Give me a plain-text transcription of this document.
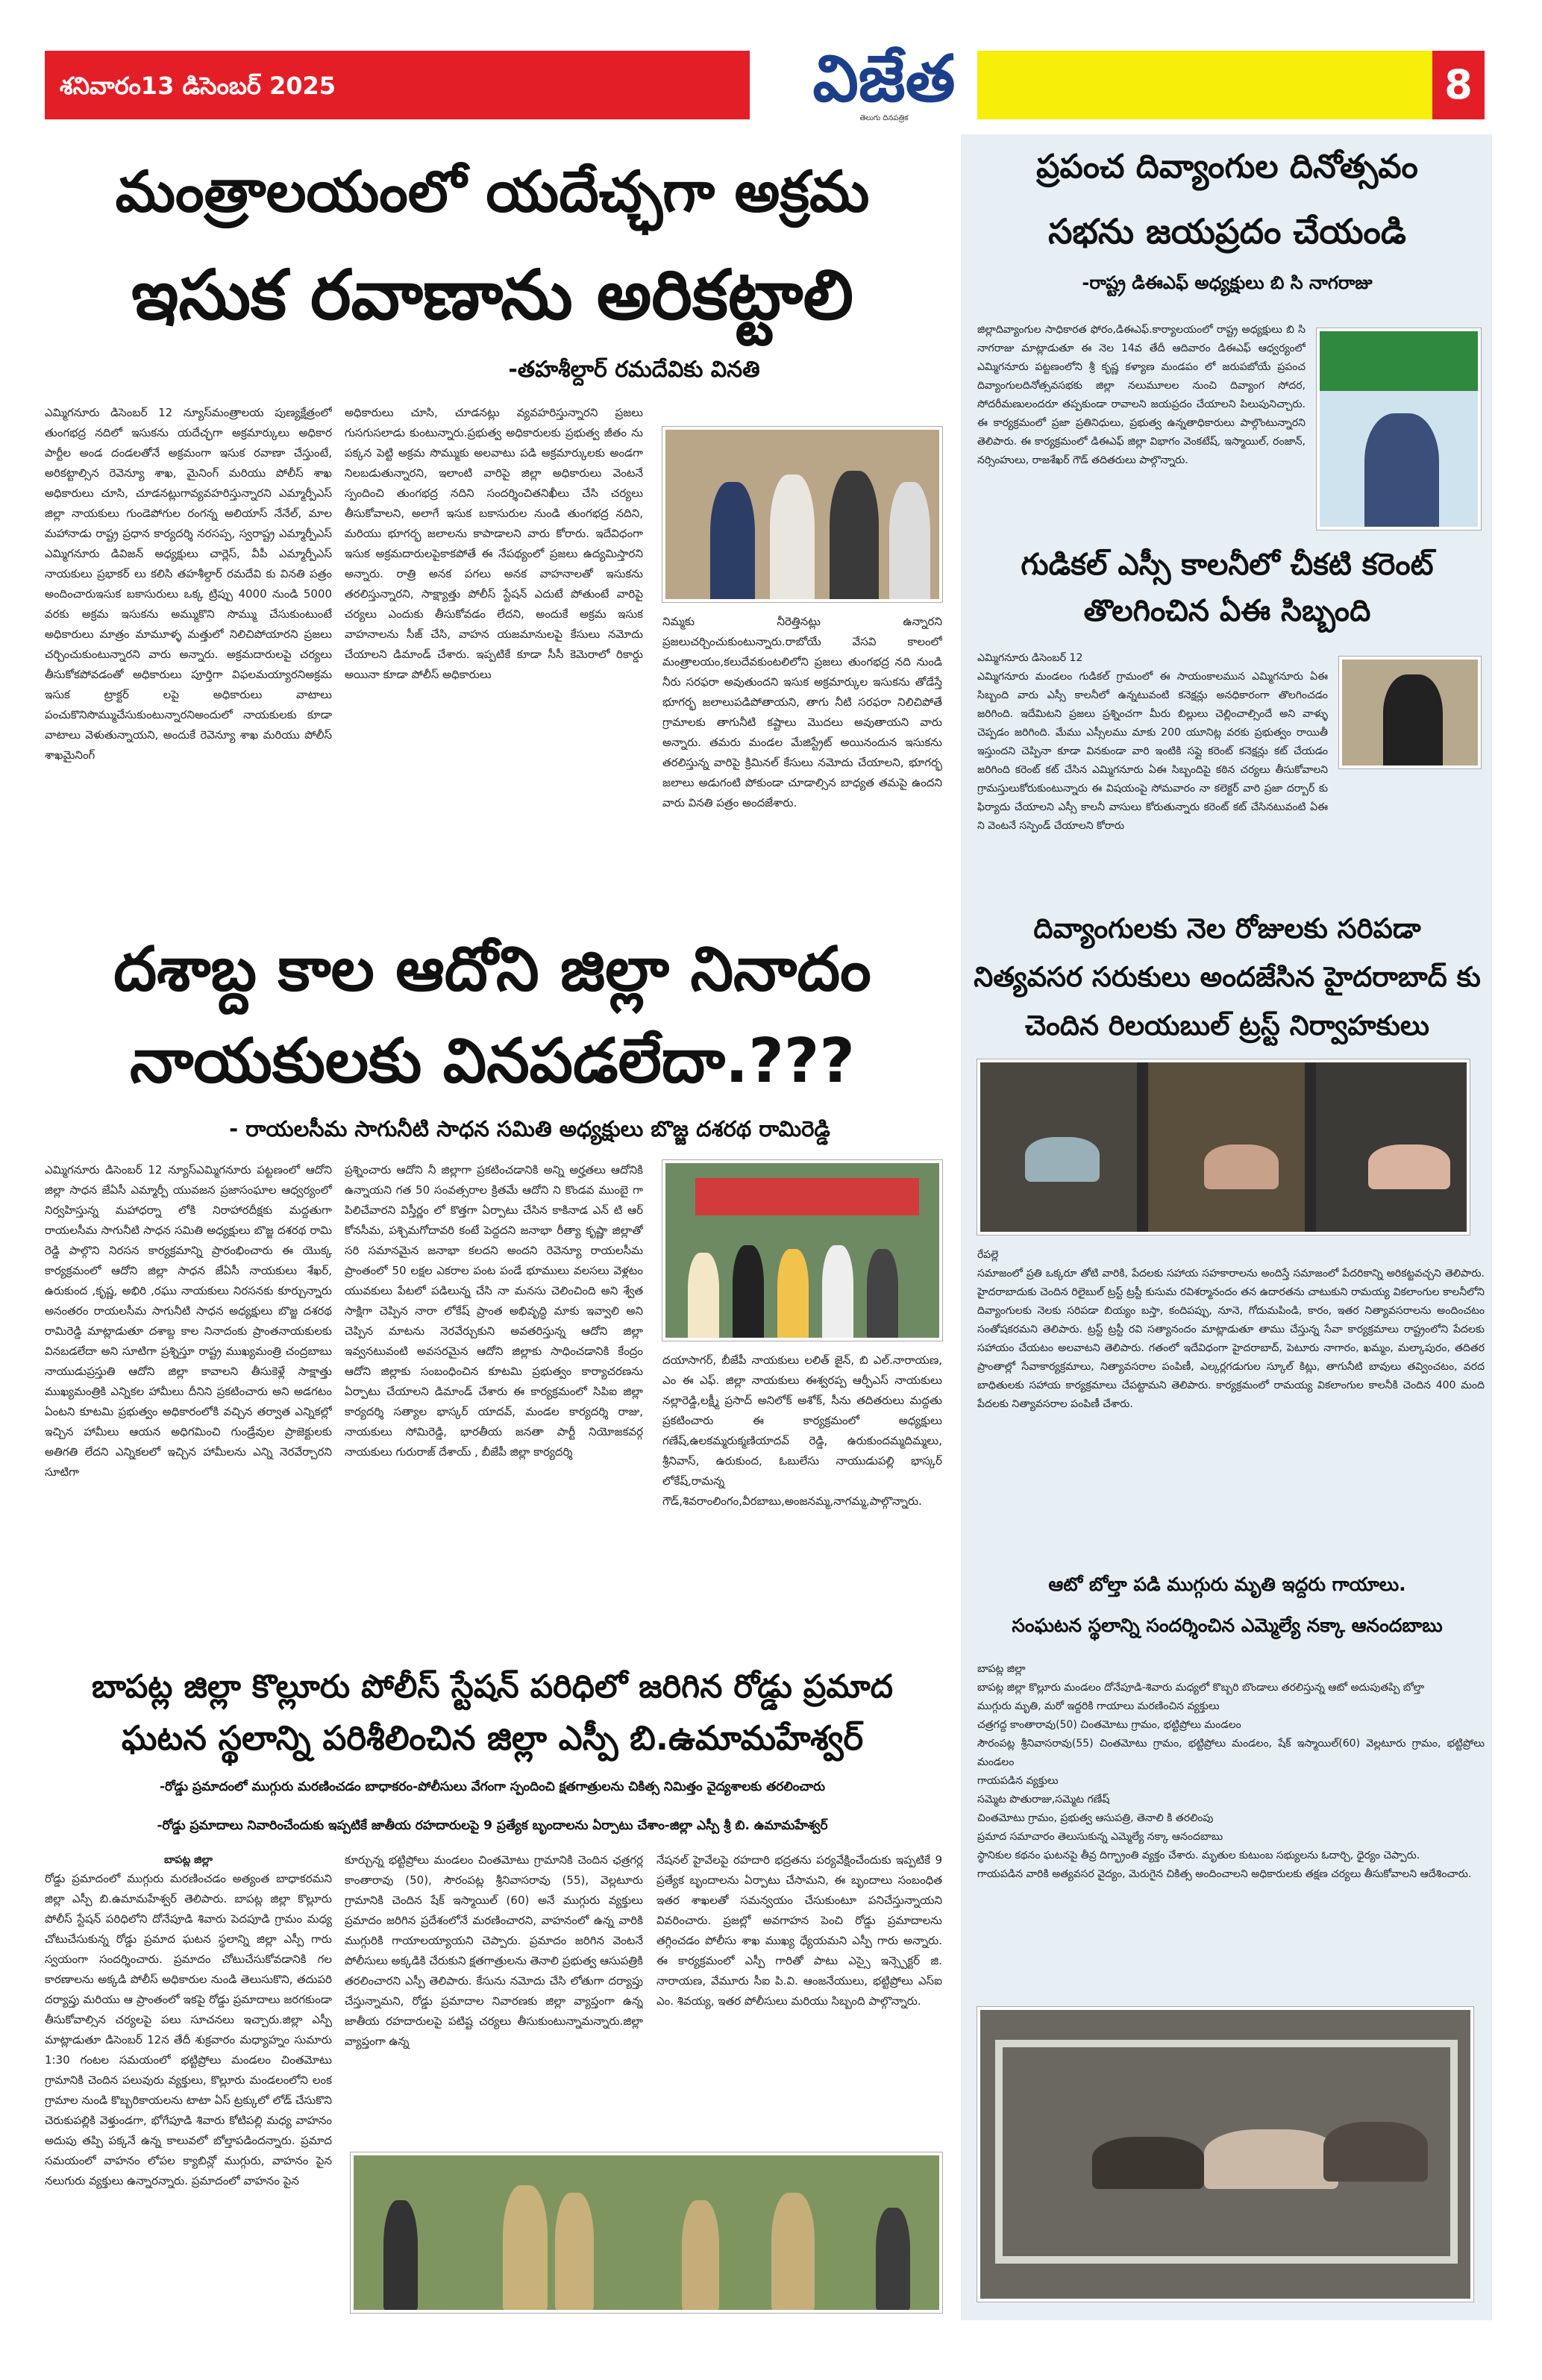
శనివారం13 డిసెంబర్ 2025	విజేత
తెలుగు దినపత్రిక
8
మంత్రాలయంలో యదేచ్ఛగా అక్రమ
ఇసుక రవాణాను అరికట్టాలి
-తహశీల్దార్ రమదేవికు వినతి
ఎమ్మిగనూరు డిసెంబర్ 12 న్యూస్‌మంత్రాలయ పుణ్యక్షేత్రంలో తుంగభద్ర నదిలో ఇసుకను యదేచ్ఛగా అక్రమార్కులు అధికార పార్టీల అండ దండలతోనే అక్రమంగా ఇసుక రవాణా చేస్తుంటే, అరికట్టాల్సిన రెవెన్యూ శాఖ, మైనింగ్ మరియు పోలీస్ శాఖ అధికారులు చూసి, చూడనట్లుగావ్యవహరిస్తున్నారని ఎమ్మార్పీఎస్ జిల్లా నాయకులు గుండెపోగుల రంగన్న అలియాస్ నేనేల్, మాల మహానాడు రాష్ట్ర ప్రధాన కార్యదర్శి నరసప్ప, స్వరాష్ట్ర ఎమ్మార్పీఎస్ ఎమ్మిగనూరు డివిజన్ అధ్యక్షులు చార్లెస్, వీపీ ఎమ్మార్పీఎస్ నాయకులు ప్రభాకర్ లు కలిసి తహశీల్దార్ రమదేవి కు వినతి పత్రం అందించారుఇసుక బకాసురులు ఒక్క ట్రిప్పు 4000 నుండి 5000 వరకు అక్రమ ఇసుకను అమ్ముకొని సొమ్ము చేసుకుంటుంటే అధికారులు మాత్రం మామూళ్ళ మత్తులో నిలిచిపోయారని ప్రజలు చర్చించుకుంటున్నారని వారు అన్నారు. అక్రమదారులపై చర్యలు తీసుకోకపోవడంతో అధికారులు పూర్తిగా విఫలమయ్యారనిఅక్రమ ఇసుక ట్రాక్టర్ లపై అధికారులు వాటాలు పంచుకొనిసొమ్ముచేసుకుంటున్నారనిఅందులో నాయకులకు కూడా వాటాలు వెళుతున్నాయని, అందుకే రెవెన్యూ శాఖ మరియు పోలీస్ శాఖమైనింగ్
అధికారులు చూసి, చూడనట్లు వ్యవహరిస్తున్నారని ప్రజలు గుసగుసలాడు కుంటున్నారు.ప్రభుత్వ అధికారులకు ప్రభుత్వ జీతం ను పక్కన పెట్టి అక్రమ సొమ్ముకు అలవాటు పడి అక్రమార్కులకు అండగా నిలబడుతున్నారని, ఇలాంటి వారిపై జిల్లా అధికారులు వెంటనే స్పందించి తుంగభద్ర నదిని సందర్శించితనిఖీలు చేసి చర్యలు తీసుకోవాలని, అలాగే ఇసుక బకాసురుల నుండి తుంగభద్ర నదిని, మరియు భూగర్భ జలాలను కాపాడాలని వారు కోరారు. ఇదేవిధంగా ఇసుక అక్రమదారులపైకాకపోతే ఈ నేపథ్యంలో ప్రజలు ఉద్యమిస్తారని అన్నారు. రాత్రి అనక పగలు అనక వాహనాలతో ఇసుకను తరలిస్తున్నారని, సాక్ష్యాత్తు పోలీస్ స్టేషన్ ఎదుటే పోతుంటే వారిపై చర్యలు ఎందుకు తీసుకోవడం లేదని, అందుకే అక్రమ ఇసుక వాహనాలను సీజ్ చేసి, వాహన యజమానులపై కేసులు నమోదు చేయాలని డిమాండ్ చేశారు. ఇప్పటికే కూడా సీసీ కెమెరాలో రికార్డు అయినా కూడా పోలీస్ అధికారులు
నిమ్మకు నీరెత్తినట్లు ఉన్నారని ప్రజలుచర్చించుకుంటున్నారు.రాబోయే వేసవి కాలంలో మంత్రాలయం,కలుదేవకుంటలిలోని ప్రజలు తుంగభద్ర నది నుండి నీరు సరఫరా అవుతుందని ఇసుక అక్రమార్కుల ఇసుకను తోడేస్తే భూగర్భ జలాలుపడిపోతాయని, తాగు నీటి సరఫరా నిలిచిపోతే గ్రామాలకు తాగునీటి కష్టాలు మొదలు అవుతాయని వారు అన్నారు. తమరు మండల మేజిస్ట్రేట్ అయినందున ఇసుకను తరలిస్తున్న వారిపై క్రిమినల్ కేసులు నమోదు చేయాలని, భూగర్భ జలాలు అడుగంటి పోకుండా చూడాల్సిన బాధ్యత తమపై ఉందని వారు వినతి పత్రం అందజేశారు.
దశాబ్ద కాల ఆదోని జిల్లా నినాదం
నాయకులకు వినపడలేదా.???
- రాయలసీమ సాగునీటి సాధన సమితి అధ్యక్షులు బొజ్జ దశరథ రామిరెడ్డి
ఎమ్మిగనూరు డిసెంబర్ 12 న్యూస్ఎమ్మిగనూరు పట్టణంలో ఆదోని జిల్లా సాధన జేఏసీ ఎమ్మార్పీ యువజన ప్రజాసంఘాల ఆధ్వర్యంలో నిర్వహిస్తున్న మహాధర్నా లోకి నిరాహారదీక్షకు మద్దతుగా రాయలసీమ సాగునీటి సాధన సమితి అధ్యక్షులు బొజ్జ దశరథ రామి రెడ్డి పాల్గొని నిరసన కార్యక్రమాన్ని ప్రారంభించారు ఈ యొక్క కార్యక్రమంలో ఆదోని జిల్లా సాధన జేఏసీ నాయకులు శేఖర్, ఉరుకుంద ,కృష్ణ, అభిరి ,రఘు నాయకులు నిరసనకు కూర్చున్నారు అనంతరం రాయలసీమ సాగునీటి సాధన అధ్యక్షులు బొజ్జ దశరథ రామిరెడ్డి మాట్లాడుతూ దశాబ్ద కాల నినాదంకు ప్రాంతనాయకులకు వినబడలేదా అని సూటిగా ప్రశ్నిస్తూ రాష్ట్ర ముఖ్యమంత్రి చంద్రబాబు నాయుడుప్రస్తుతి ఆదోని జిల్లా కావాలని తీసుకెళ్లే సాక్షాత్తు ముఖ్యమంత్రికి ఎన్నికల హామీలు దీనిని ప్రకటించారు అని అడగటం ఏంటని కూటమి ప్రభుత్వం అధికారంలోకి వచ్చిన తర్వాత ఎన్నికల్లో ఇచ్చిన హామీలు ఆయన అధిగమించి గుండ్రేవుల ప్రాజెక్టులకు అతిగతి లేదని ఎన్నికలలో ఇచ్చిన హామీలను ఎన్ని నెరవేర్చారని సూటిగా
ప్రశ్నించారు ఆదోని నీ జిల్లాగా ప్రకటించడానికి అన్ని అర్హతలు ఆదోనికి ఉన్నాయని గత 50 సంవత్సరాల క్రితమే ఆదోని ని కొండవ ముంబై గా పిలిచేవారని విస్తీర్ణం లో కొత్తగా ఏర్పాటు చేసిన కాకినాడ ఎన్ టి ఆర్ కోనసీమ, పశ్చిమగోదావరి కంటే పెద్దదని జనాభా రీత్యా కృష్ణా జిల్లాతో సరి సమానమైన జనాభా కలదని అందని రెవెన్యూ రాయలసీమ ప్రాంతంలో 50 లక్షల ఎకరాల పంట పండే భూములు వలసలు వెళ్లటం యువకులు పేటలో పడిలున్న చేసి నా మనసు చెలించింది అని శ్వేత సాక్షిగా చెప్పిన నారా లోకేష్ ప్రాంత అభివృద్ధి మాకు ఇవ్వాలి అని చెప్పిన మాటను నెరవేర్చుకుని అవతరిస్తున్న ఆదోని జిల్లా ఇవ్వనటువంటి అవసరమైన ఆదోని జిల్లాకు సాధించడానికి కేంద్రం ఆదోని జిల్లాకు సంబంధించిన కూటమి ప్రభుత్వం కార్యాచరణను ఏర్పాటు చేయాలని డిమాండ్ చేశారు ఈ కార్యక్రమంలో సిపిఐ జిల్లా కార్యదర్శి సత్యాల భాస్కర్ యాదవ్, మండల కార్యదర్శి రాజు, నాయకులు సోమిరెడ్డి, భారతీయ జనతా పార్టీ నియోజకవర్గ నాయకులు గురురాజ్ దేశాయ్ , బీజేపీ జిల్లా కార్యదర్శి
దయాసాగర్, బీజేపీ నాయకులు లలిత్ జైన్, బి ఎల్.నారాయణ, ఎం ఈ ఎఫ్. జిల్లా నాయకులు ఈశ్వరప్ప ఆర్పీఎస్ నాయకులు నల్లారెడ్డి,లక్ష్మీ ప్రసాద్ అనిలోక్ అశోక్, సీను తదితరులు మద్దతు ప్రకటించారు ఈ కార్యక్రమంలో అధ్యక్షులు గణేష్,ఉలకమ్మరుక్మణియాదవ్ రెడ్డి, ఉరుకుందమ్మదిమ్మలు, శ్రీనివాస్, ఉరుకుంద, ఓబులేసు నాయుడుపల్లి భాస్కర్ లోకేష్,రామన్న గౌడ్,శివరాంలింగం,వీరబాబు,అంజనమ్మ,నాగమ్మ,పాల్గొన్నారు.
బాపట్ల జిల్లా కొల్లూరు పోలీస్ స్టేషన్ పరిధిలో జరిగిన రోడ్డు ప్రమాద
ఘటన స్థలాన్ని పరిశీలించిన జిల్లా ఎస్పీ బి.ఉమామహేశ్వర్
-రోడ్డు ప్రమాదంలో ముగ్గురు మరణించడం బాధాకరం-పోలీసులు వేగంగా స్పందించి క్షతగాత్రులను చికిత్స నిమిత్తం వైద్యశాలకు తరలించారు
-రోడ్డు ప్రమాదాలు నివారించేందుకు ఇప్పటికే జాతీయ రహదారులపై 9 ప్రత్యేక బృందాలను ఏర్పాటు చేశాం-జిల్లా ఎస్పీ శ్రీ బి. ఉమామహేశ్వర్
బాపట్ల జిల్లా
రోడ్డు ప్రమాదంలో ముగ్గురు మరణించడం అత్యంత బాధాకరమని జిల్లా ఎస్పీ బి.ఉమామహేశ్వర్ తెలిపారు. బాపట్ల జిల్లా కొల్లూరు పోలీస్ స్టేషన్ పరిధిలోని దోనేపూడి శివారు పెదపూడి గ్రామం మధ్య చోటుచేసుకున్న రోడ్డు ప్రమాద ఘటన స్థలాన్ని జిల్లా ఎస్పీ గారు స్వయంగా సందర్శించారు. ప్రమాదం చోటుచేసుకోవడానికి గల కారణాలను అక్కడి పోలీస్ అధికారుల నుండి తెలుసుకొని, తదుపరి దర్యాప్తు మరియు ఆ ప్రాంతంలో ఇకపై రోడ్డు ప్రమాదాలు జరగకుండా తీసుకోవాల్సిన చర్యలపై పలు సూచనలు ఇచ్చారు.జిల్లా ఎస్పీ మాట్లాడుతూ డిసెంబర్ 12న తేదీ శుక్రవారం మధ్యాహ్నం సుమారు 1:30 గంటల సమయంలో భట్టిప్రోలు మండలం చింతమోటు గ్రామానికి చెందిన పలువురు వ్యక్తులు, కొల్లూరు మండలంలోని లంక గ్రామాల నుండి కొబ్బరికాయలను టాటా ఏస్ ట్రక్కులో లోడ్ చేసుకొని చెరుకుపల్లికి వెళ్తుండగా, భోగేపూడి శివారు కోటిపల్లి మధ్య వాహనం అదుపు తప్పి పక్కనే ఉన్న కాలువలో బోల్తాపడిందన్నారు. ప్రమాద సమయంలో వాహనం లోపల క్యాబిన్లో ముగ్గురు, వాహనం పైన నలుగురు వ్యక్తులు ఉన్నారన్నారు. ప్రమాదంలో వాహనం పైన
కూర్చున్న భట్టిప్రోలు మండలం చింతమోటు గ్రామానికి చెందిన ఛత్రగర్ల కాంతారావు (50), సౌరంపట్ల శ్రీనివాసరావు (55), వెల్లటూరు గ్రామానికి చెందిన షేక్ ఇస్మాయిల్ (60) అనే ముగ్గురు వ్యక్తులు ప్రమాదం జరిగిన ప్రదేశంలోనే మరణించారని, వాహనంలో ఉన్న వారికి ముగ్గురికి గాయాలయ్యాయని చెప్పారు. ప్రమాదం జరిగిన వెంటనే పోలీసులు అక్కడికి చేరుకుని క్షతగాత్రులను తెనాలి ప్రభుత్వ ఆసుపత్రికి తరలించారని ఎస్పీ తెలిపారు. కేసును నమోదు చేసి లోతుగా దర్యాప్తు చేస్తున్నామని, రోడ్డు ప్రమాదాల నివారణకు జిల్లా వ్యాప్తంగా ఉన్న జాతీయ రహదారులపై పటిష్ట చర్యలు తీసుకుంటున్నామన్నారు.జిల్లా వ్యాప్తంగా ఉన్న
నేషనల్ హైవేలపై రహదారి భద్రతను పర్యవేక్షించేందుకు ఇప్పటికే 9 ప్రత్యేక బృందాలను ఏర్పాటు చేసామని, ఈ బృందాలు సంబంధిత ఇతర శాఖలతో సమన్వయం చేసుకుంటూ పనిచేస్తున్నాయని వివరించారు. ప్రజల్లో అవగాహన పెంచి రోడ్డు ప్రమాదాలను తగ్గించడం పోలీసు శాఖ ముఖ్య ధ్యేయమని ఎస్పీ గారు అన్నారు. ఈ కార్యక్రమంలో ఎస్పీ గారితో పాటు ఎస్సై ఇన్స్పెక్టర్ జి. నారాయణ, వేమూరు సీఐ పి.వి. ఆంజనేయులు, భట్టిప్రోలు ఎస్ఐ ఎం. శివయ్య, ఇతర పోలీసులు మరియు సిబ్బంది పాల్గొన్నారు.
ప్రపంచ దివ్యాంగుల దినోత్సవం
సభను జయప్రదం చేయండి
-రాష్ట్ర డిఈఎఫ్ అధ్యక్షులు బి సి నాగరాజు
జిల్లాదివ్యాంగుల సాధికారత ఫోరం,డిఈఎఫ్.కార్యాలయంలో రాష్ట్ర అధ్యక్షులు బి సి నాగరాజు మాట్లాడుతూ ఈ నెల 14వ తేదీ ఆదివారం డిఈఎఫ్ ఆధ్వర్యంలో ఎమ్మిగనూరు పట్టణంలోని శ్రీ కృష్ణ కళ్యాణ మండపం లో జరుపబోయే ప్రపంచ దివ్యాంగులదినోత్సవసభకు జిల్లా నలుమూలల నుంచి దివ్యాంగ సోదర, సోదరీమణులందరూ తప్పకుండా రావాలని జయప్రదం చేయాలని పిలుపునిచ్చారు. ఈ కార్యక్రమంలో ప్రజా ప్రతినిధులు, ప్రభుత్వ ఉన్నతాధికారులు పాల్గొంటున్నారని తెలిపారు. ఈ కార్యక్రమంలో డిఈఎఫ్ జిల్లా విభాగం వెంకటేష్, ఇస్మాయిల్, రంజాన్, నర్సింహులు, రాజశేఖర్ గౌడ్ తదితరులు పాల్గొన్నారు.
గుడికల్ ఎస్సీ కాలనీలో చీకటి కరెంట్
తొలగించిన ఏఈ సిబ్బంది
ఎమ్మిగనూరు డిసెంబర్ 12
ఎమ్మిగనూరు మండలం గుడికల్ గ్రామంలో ఈ సాయంకాలమున ఎమ్మిగనూరు ఏఈ సిబ్బంది వారు ఎస్సీ కాలనీలో ఉన్నటువంటి కనెక్షన్లు అనధికారంగా తొలగించడం జరిగింది. ఇదేమిటని ప్రజలు ప్రశ్నించగా మీరు బిల్లులు చెల్లించాల్సిందే అని వాళ్ళు చెప్పడం జరిగింది. మేము ఎస్సీలము మాకు 200 యూనిట్ల వరకు ప్రభుత్వం రాయితీ ఇస్తుందని చెప్పినా కూడా వినకుండా వారి ఇంటికి సప్లై కరెంట్ కనెక్షన్లు కట్ చేయడం జరిగింది కరెంట్ కట్ చేసిన ఎమ్మిగనూరు ఏఈ సిబ్బందిపై కఠిన చర్యలు తీసుకోవాలని గ్రామస్తులుకోరుకుంటున్నారు ఈ విషయంపై సోమవారం నా కలెక్టర్ వారి ప్రజా దర్బార్ కు ఫిర్యాదు చేయాలని ఎస్సీ కాలనీ వాసులు కోరుతున్నారు కరెంట్ కట్ చేసినటువంటి ఏఈ ని వెంటనే సస్పెండ్ చేయాలని కోరారు
దివ్యాంగులకు నెల రోజులకు సరిపడా
నిత్యవసర సరుకులు అందజేసిన హైదరాబాద్ కు
చెందిన రిలయబుల్ ట్రస్ట్ నిర్వాహకులు
రేపల్లె
సమాజంలో ప్రతి ఒక్కరూ తోటి వారికి, పేదలకు సహాయ సహకారాలను అందిస్తే సమాజంలో పేదరికాన్ని అరికట్టవచ్చని తెలిపారు. హైదరాబాదుకు చెందిన రిలైబుల్ ట్రస్ట్ ట్రస్టీ కుసుమ రవిశర్మానందం తన ఉదారతను చాటుకుని రామయ్య వికలాంగుల కాలనీలోని దివ్యాంగులకు నెలకు సరిపడా బియ్యం బస్తా, కందిపప్పు, నూనె, గోదుమపిండి, కారం, ఇతర నిత్యావసరాలను అందించటం సంతోషకరమని తెలిపారు. ట్రస్ట్ ట్రస్టీ రవి సత్యానందం మాట్లాడుతూ తాము చేస్తున్న సేవా కార్యక్రమాలు రాష్ట్రంలోని పేదలకు సహాయం చేయటం అలవాటని తెలిపారు. గతంలో ఇదేవిధంగా హైదరాబాద్, పెటూరు నాగారం, ఖమ్మం, మల్కాపురం, తదితర ప్రాంతాల్లో సేవాకార్యక్రమాలు, నిత్యావసరాల పంపిణీ, ఎల్కర్లగడుగుల స్కూల్ కిట్లు, తాగునీటి బావులు తవ్వించటం, వరద బాధితులకు సహాయ కార్యక్రమాలు చేపట్టామని తెలిపారు. కార్యక్రమంలో రామయ్య వికలాంగుల కాలనీకి చెందిన 400 మంది పేదలకు నిత్యావసరాల పంపిణీ చేశారు.
ఆటో బోల్తా పడి ముగ్గురు మృతి ఇద్దరు గాయాలు.
సంఘటన స్థలాన్ని సందర్శించిన ఎమ్మెల్యే నక్కా ఆనందబాబు
బాపట్ల జిల్లా
బాపట్ల జిల్లా కొల్లూరు మండలం దోనేపూడి-శివారు మధ్యలో కొబ్బరి బొండాలు తరలిస్తున్న ఆటో అదుపుతప్పి బోల్తా
ముగ్గురు మృతి, మరో ఇద్దరికి గాయాలు మరణించిన వ్యక్తులు
చత్రగద్ద కాంతారావు(50) చింతమోటు గ్రామం, భట్టిప్రోలు మండలం
సౌరంపట్ల శ్రీనివాసరావు(55) చింతమోటు గ్రామం, భట్టిప్రోలు మండలం, షేక్ ఇస్మాయిల్(60) వెల్లటూరు గ్రామం, భట్టిప్రోలు మండలం
గాయపడిన వ్యక్తులు
సమ్మెట పొతురాజు,సమ్మెట గణేష్
చింతమోటు గ్రామం, ప్రభుత్వ ఆసుపత్రి, తెనాలి కి తరలింపు
ప్రమాద సమాచారం తెలుసుకున్న ఎమ్మెల్యే నక్కా ఆనందబాబు
స్థానికుల కథనం ఘటనపై తీవ్ర దిగ్భ్రాంతి వ్యక్తం చేశారు. మృతుల కుటుంబ సభ్యులను ఓదార్చి, ధైర్యం చెప్పారు.
గాయపడిన వారికి అత్యవసర వైద్యం, మెరుగైన చికిత్స అందించాలని అధికారులకు తక్షణ చర్యలు తీసుకోవాలని ఆదేశించారు.
